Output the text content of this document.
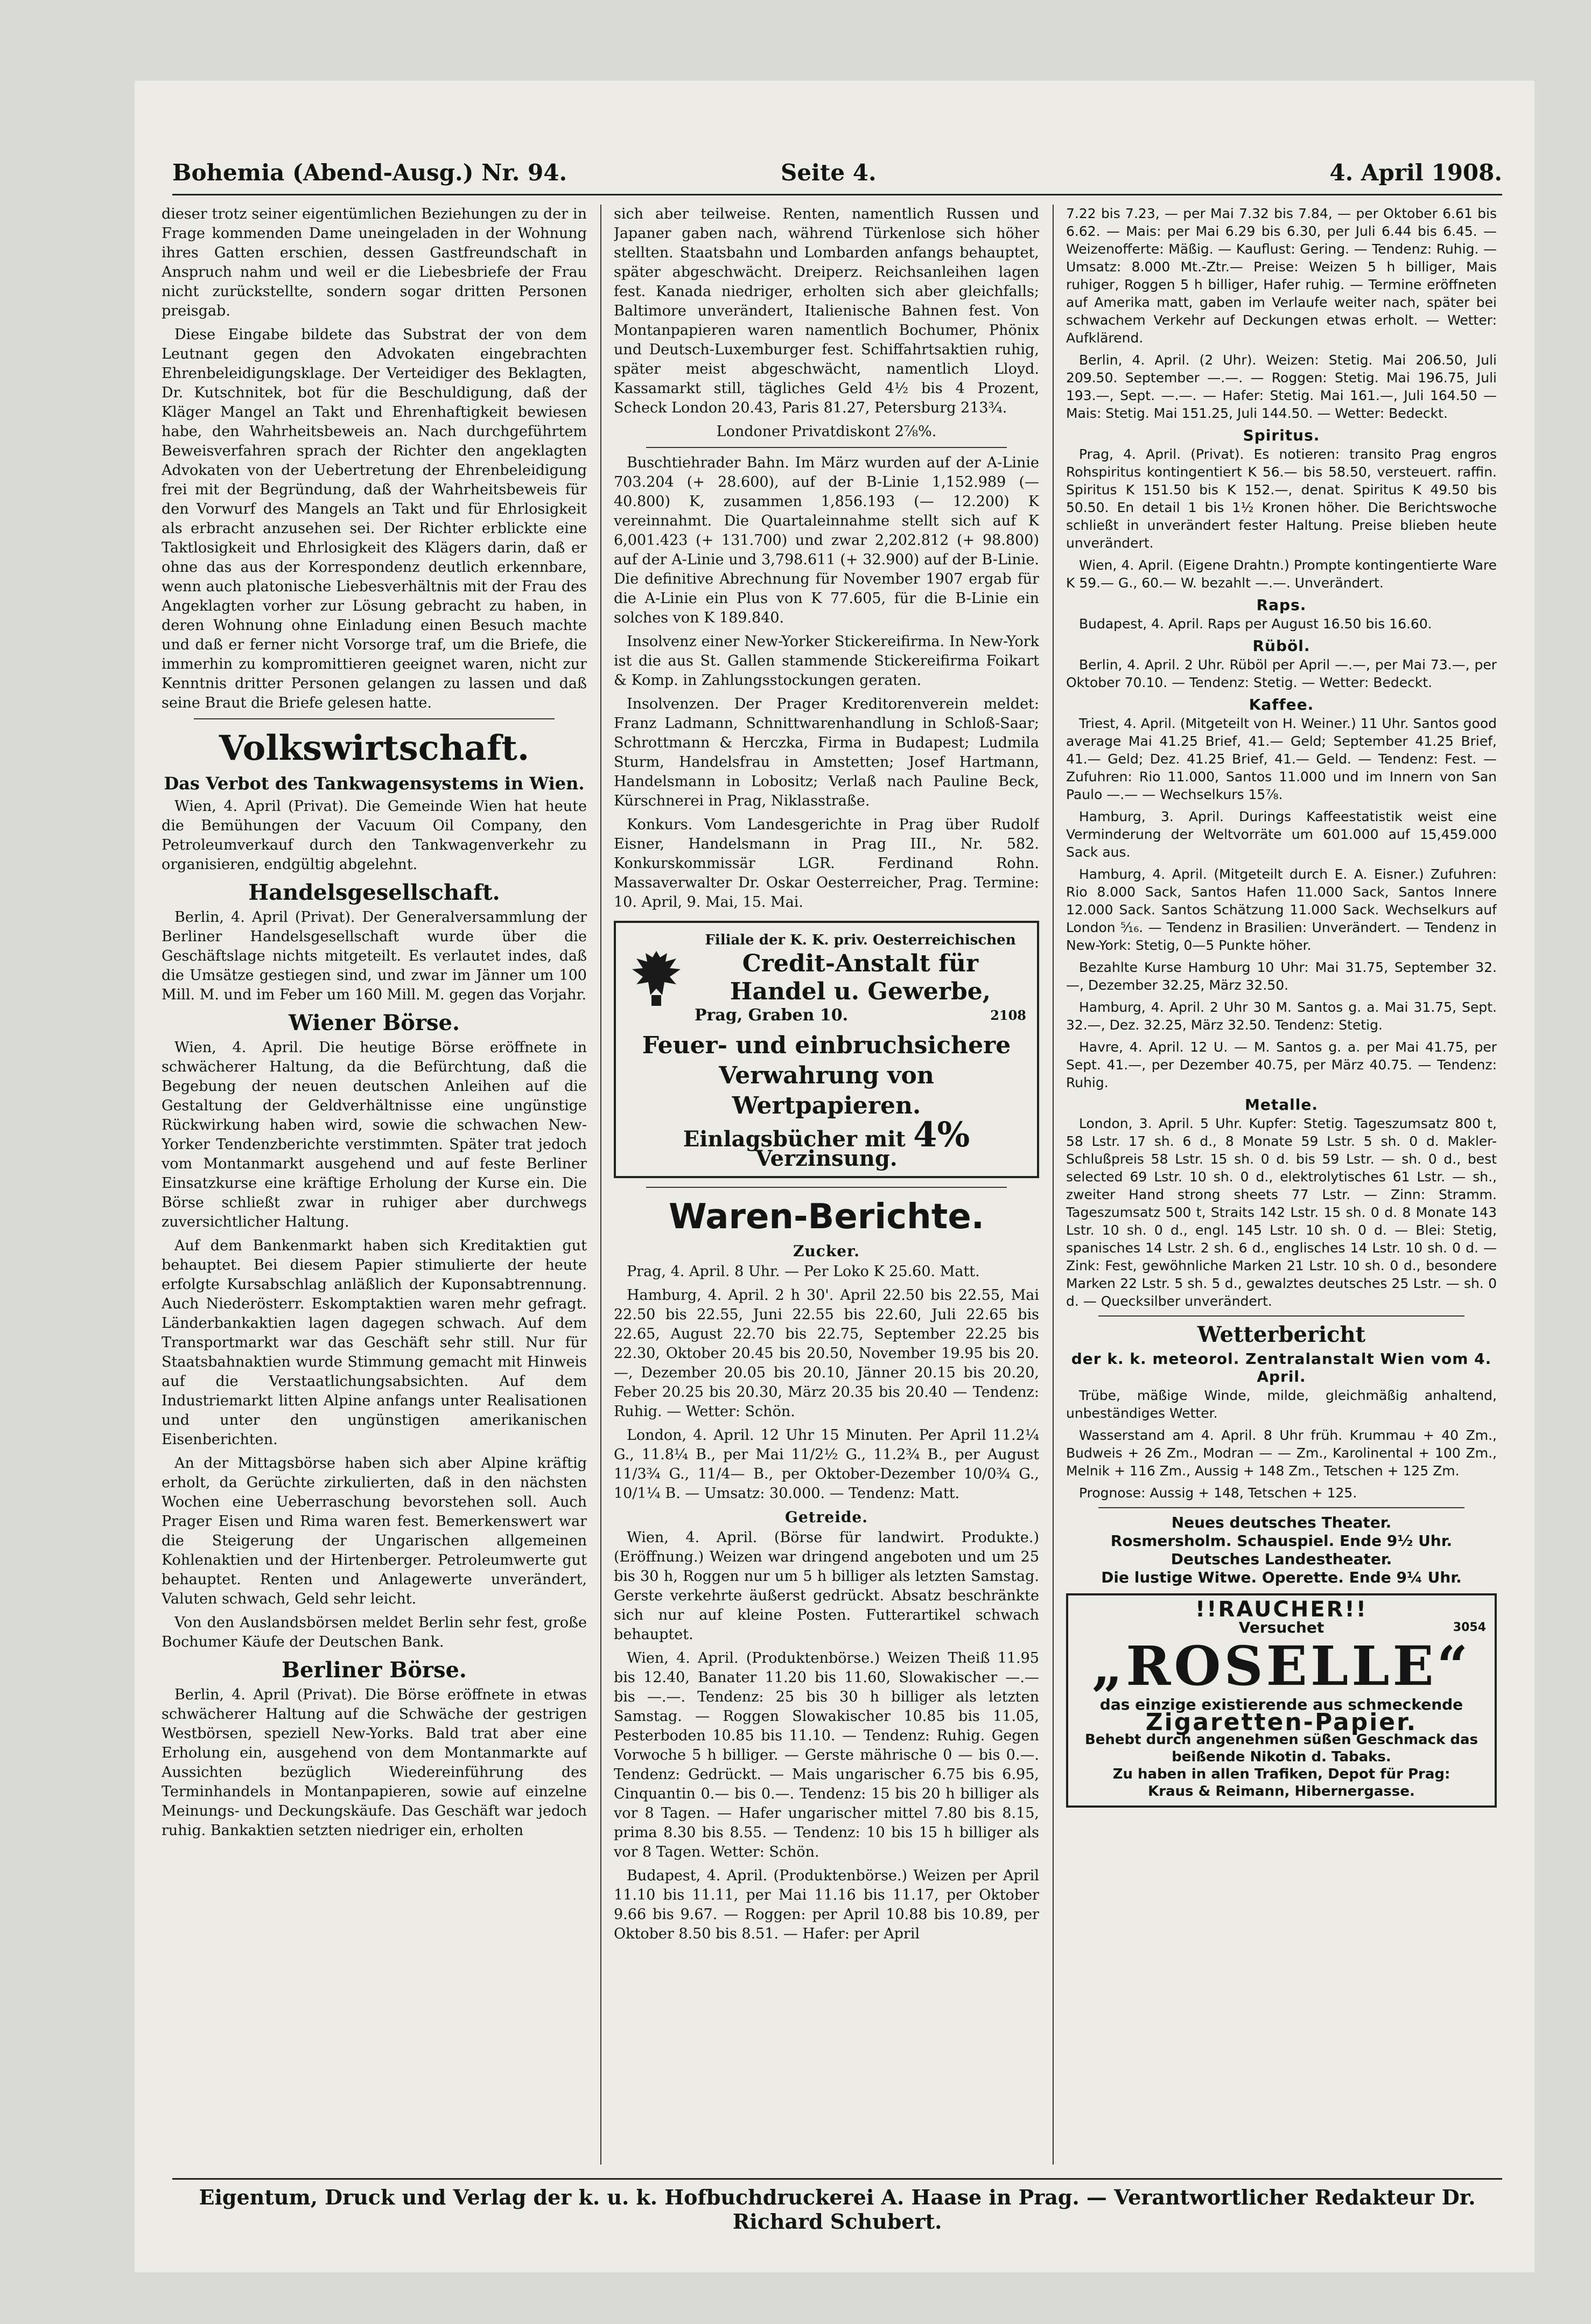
Bohemia (Abend-Ausg.) Nr. 94.	Seite 4.	4. April 1908.

dieser trotz seiner eigentümlichen Beziehungen zu der in Frage kommenden Dame uneingeladen in der Wohnung ihres Gatten erschien, dessen Gastfreundschaft in Anspruch nahm und weil er die Liebesbriefe der Frau nicht zurückstellte, sondern sogar dritten Personen preisgab.

Diese Eingabe bildete das Substrat der von dem Leutnant gegen den Advokaten eingebrachten Ehrenbeleidigungsklage. Der Verteidiger des Beklagten, Dr. Kutschnitek, bot für die Beschuldigung, daß der Kläger Mangel an Takt und Ehrenhaftigkeit bewiesen habe, den Wahrheitsbeweis an. Nach durchgeführtem Beweisverfahren sprach der Richter den angeklagten Advokaten von der Uebertretung der Ehrenbeleidigung frei mit der Begründung, daß der Wahrheitsbeweis für den Vorwurf des Mangels an Takt und für Ehrlosigkeit als erbracht anzusehen sei. Der Richter erblickte eine Taktlosigkeit und Ehrlosigkeit des Klägers darin, daß er ohne das aus der Korrespondenz deutlich erkennbare, wenn auch platonische Liebesverhältnis mit der Frau des Angeklagten vorher zur Lösung gebracht zu haben, in deren Wohnung ohne Einladung einen Besuch machte und daß er ferner nicht Vorsorge traf, um die Briefe, die immerhin zu kompromittieren geeignet waren, nicht zur Kenntnis dritter Personen gelangen zu lassen und daß seine Braut die Briefe gelesen hatte.

Volkswirtschaft.
Das Verbot des Tankwagensystems in Wien.

Wien, 4. April (Privat). Die Gemeinde Wien hat heute die Bemühungen der Vacuum Oil Company, den Petroleumverkauf durch den Tankwagenverkehr zu organisieren, endgültig abgelehnt.

Handelsgesellschaft.

Berlin, 4. April (Privat). Der Generalversammlung der Berliner Handelsgesellschaft wurde über die Geschäftslage nichts mitgeteilt. Es verlautet indes, daß die Umsätze gestiegen sind, und zwar im Jänner um 100 Mill. M. und im Feber um 160 Mill. M. gegen das Vorjahr.

Wiener Börse.

Wien, 4. April. Die heutige Börse eröffnete in schwächerer Haltung, da die Befürchtung, daß die Begebung der neuen deutschen Anleihen auf die Gestaltung der Geldverhältnisse eine ungünstige Rückwirkung haben wird, sowie die schwachen New-Yorker Tendenzberichte verstimmten. Später trat jedoch vom Montanmarkt ausgehend und auf feste Berliner Einsatzkurse eine kräftige Erholung der Kurse ein. Die Börse schließt zwar in ruhiger aber durchwegs zuversichtlicher Haltung.

Auf dem Bankenmarkt haben sich Kreditaktien gut behauptet. Bei diesem Papier stimulierte der heute erfolgte Kursabschlag anläßlich der Kuponsabtrennung. Auch Niederösterr. Eskomptaktien waren mehr gefragt. Länderbankaktien lagen dagegen schwach. Auf dem Transportmarkt war das Geschäft sehr still. Nur für Staatsbahnaktien wurde Stimmung gemacht mit Hinweis auf die Verstaatlichungsabsichten. Auf dem Industriemarkt litten Alpine anfangs unter Realisationen und unter den ungünstigen amerikanischen Eisenberichten.

An der Mittagsbörse haben sich aber Alpine kräftig erholt, da Gerüchte zirkulierten, daß in den nächsten Wochen eine Ueberraschung bevorstehen soll. Auch Prager Eisen und Rima waren fest. Bemerkenswert war die Steigerung der Ungarischen allgemeinen Kohlenaktien und der Hirtenberger. Petroleumwerte gut behauptet. Renten und Anlagewerte unverändert, Valuten schwach, Geld sehr leicht.

Von den Auslandsbörsen meldet Berlin sehr fest, große Bochumer Käufe der Deutschen Bank.

Berliner Börse.

Berlin, 4. April (Privat). Die Börse eröffnete in etwas schwächerer Haltung auf die Schwäche der gestrigen Westbörsen, speziell New-Yorks. Bald trat aber eine Erholung ein, ausgehend von dem Montanmarkte auf Aussichten bezüglich Wiedereinführung des Terminhandels in Montanpapieren, sowie auf einzelne Meinungs- und Deckungskäufe. Das Geschäft war jedoch ruhig. Bankaktien setzten niedriger ein, erholten

sich aber teilweise. Renten, namentlich Russen und Japaner gaben nach, während Türkenlose sich höher stellten. Staatsbahn und Lombarden anfangs behauptet, später abgeschwächt. Dreiperz. Reichsanleihen lagen fest. Kanada niedriger, erholten sich aber gleichfalls; Baltimore unverändert, Italienische Bahnen fest. Von Montanpapieren waren namentlich Bochumer, Phönix und Deutsch-Luxemburger fest. Schiffahrtsaktien ruhig, später meist abgeschwächt, namentlich Lloyd. Kassamarkt still, tägliches Geld 4½ bis 4 Prozent, Scheck London 20.43, Paris 81.27, Petersburg 213¾.

Londoner Privatdiskont 2⅞%.

Buschtiehrader Bahn. Im März wurden auf der A-Linie 703.204 (+ 28.600), auf der B-Linie 1,152.989 (— 40.800) K, zusammen 1,856.193 (— 12.200) K vereinnahmt. Die Quartaleinnahme stellt sich auf K 6,001.423 (+ 131.700) und zwar 2,202.812 (+ 98.800) auf der A-Linie und 3,798.611 (+ 32.900) auf der B-Linie. Die definitive Abrechnung für November 1907 ergab für die A-Linie ein Plus von K 77.605, für die B-Linie ein solches von K 189.840.

Insolvenz einer New-Yorker Stickereifirma. In New-York ist die aus St. Gallen stammende Stickereifirma Foikart & Komp. in Zahlungsstockungen geraten.

Insolvenzen. Der Prager Kreditorenverein meldet: Franz Ladmann, Schnittwarenhandlung in Schloß-Saar; Schrottmann & Herczka, Firma in Budapest; Ludmila Sturm, Handelsfrau in Amstetten; Josef Hartmann, Handelsmann in Lobositz; Verlaß nach Pauline Beck, Kürschnerei in Prag, Niklasstraße.

Konkurs. Vom Landesgerichte in Prag über Rudolf Eisner, Handelsmann in Prag III., Nr. 582. Konkurskommissär LGR. Ferdinand Rohn. Massaverwalter Dr. Oskar Oesterreicher, Prag. Termine: 10. April, 9. Mai, 15. Mai.

Filiale der K. K. priv. Oesterreichischen
Credit-Anstalt für Handel u. Gewerbe,
Prag, Graben 10.	2108
Feuer- und einbruchsichere Verwahrung von Wertpapieren.
Einlagsbücher mit 4% Verzinsung.
Waren-Berichte.
Zucker.

Prag, 4. April. 8 Uhr. — Per Loko K 25.60. Matt.

Hamburg, 4. April. 2 h 30'. April 22.50 bis 22.55, Mai 22.50 bis 22.55, Juni 22.55 bis 22.60, Juli 22.65 bis 22.65, August 22.70 bis 22.75, September 22.25 bis 22.30, Oktober 20.45 bis 20.50, November 19.95 bis 20.—, Dezember 20.05 bis 20.10, Jänner 20.15 bis 20.20, Feber 20.25 bis 20.30, März 20.35 bis 20.40 — Tendenz: Ruhig. — Wetter: Schön.

London, 4. April. 12 Uhr 15 Minuten. Per April 11.2¼ G., 11.8¼ B., per Mai 11/2½ G., 11.2¾ B., per August 11/3¾ G., 11/4— B., per Oktober-Dezember 10/0¾ G., 10/1¼ B. — Umsatz: 30.000. — Tendenz: Matt.

Getreide.

Wien, 4. April. (Börse für landwirt. Produkte.) (Eröffnung.) Weizen war dringend angeboten und um 25 bis 30 h, Roggen nur um 5 h billiger als letzten Samstag. Gerste verkehrte äußerst gedrückt. Absatz beschränkte sich nur auf kleine Posten. Futterartikel schwach behauptet.

Wien, 4. April. (Produktenbörse.) Weizen Theiß 11.95 bis 12.40, Banater 11.20 bis 11.60, Slowakischer —.— bis —.—. Tendenz: 25 bis 30 h billiger als letzten Samstag. — Roggen Slowakischer 10.85 bis 11.05, Pesterboden 10.85 bis 11.10. — Tendenz: Ruhig. Gegen Vorwoche 5 h billiger. — Gerste mährische 0 — bis 0.—. Tendenz: Gedrückt. — Mais ungarischer 6.75 bis 6.95, Cinquantin 0.— bis 0.—. Tendenz: 15 bis 20 h billiger als vor 8 Tagen. — Hafer ungarischer mittel 7.80 bis 8.15, prima 8.30 bis 8.55. — Tendenz: 10 bis 15 h billiger als vor 8 Tagen. Wetter: Schön.

Budapest, 4. April. (Produktenbörse.) Weizen per April 11.10 bis 11.11, per Mai 11.16 bis 11.17, per Oktober 9.66 bis 9.67. — Roggen: per April 10.88 bis 10.89, per Oktober 8.50 bis 8.51. — Hafer: per April

7.22 bis 7.23, — per Mai 7.32 bis 7.84, — per Oktober 6.61 bis 6.62. — Mais: per Mai 6.29 bis 6.30, per Juli 6.44 bis 6.45. — Weizenofferte: Mäßig. — Kauflust: Gering. — Tendenz: Ruhig. — Umsatz: 8.000 Mt.-Ztr.— Preise: Weizen 5 h billiger, Mais ruhiger, Roggen 5 h billiger, Hafer ruhig. — Termine eröffneten auf Amerika matt, gaben im Verlaufe weiter nach, später bei schwachem Verkehr auf Deckungen etwas erholt. — Wetter: Aufklärend.

Berlin, 4. April. (2 Uhr). Weizen: Stetig. Mai 206.50, Juli 209.50. September —.—. — Roggen: Stetig. Mai 196.75, Juli 193.—, Sept. —.—. — Hafer: Stetig. Mai 161.—, Juli 164.50 — Mais: Stetig. Mai 151.25, Juli 144.50. — Wetter: Bedeckt.

Spiritus.

Prag, 4. April. (Privat). Es notieren: transito Prag engros Rohspiritus kontingentiert K 56.— bis 58.50, versteuert. raffin. Spiritus K 151.50 bis K 152.—, denat. Spiritus K 49.50 bis 50.50. En detail 1 bis 1½ Kronen höher. Die Berichtswoche schließt in unverändert fester Haltung. Preise blieben heute unverändert.

Wien, 4. April. (Eigene Drahtn.) Prompte kontingentierte Ware K 59.— G., 60.— W. bezahlt —.—. Unverändert.

Raps.

Budapest, 4. April. Raps per August 16.50 bis 16.60.

Rüböl.

Berlin, 4. April. 2 Uhr. Rüböl per April —.—, per Mai 73.—, per Oktober 70.10. — Tendenz: Stetig. — Wetter: Bedeckt.

Kaffee.

Triest, 4. April. (Mitgeteilt von H. Weiner.) 11 Uhr. Santos good average Mai 41.25 Brief, 41.— Geld; September 41.25 Brief, 41.— Geld; Dez. 41.25 Brief, 41.— Geld. — Tendenz: Fest. — Zufuhren: Rio 11.000, Santos 11.000 und im Innern von San Paulo —.— — Wechselkurs 15⅞.

Hamburg, 3. April. Durings Kaffeestatistik weist eine Verminderung der Weltvorräte um 601.000 auf 15,459.000 Sack aus.

Hamburg, 4. April. (Mitgeteilt durch E. A. Eisner.) Zufuhren: Rio 8.000 Sack, Santos Hafen 11.000 Sack, Santos Innere 12.000 Sack. Santos Schätzung 11.000 Sack. Wechselkurs auf London ⁵⁄₁₆. — Tendenz in Brasilien: Unverändert. — Tendenz in New-York: Stetig, 0—5 Punkte höher.

Bezahlte Kurse Hamburg 10 Uhr: Mai 31.75, September 32.—, Dezember 32.25, März 32.50.

Hamburg, 4. April. 2 Uhr 30 M. Santos g. a. Mai 31.75, Sept. 32.—, Dez. 32.25, März 32.50. Tendenz: Stetig.

Havre, 4. April. 12 U. — M. Santos g. a. per Mai 41.75, per Sept. 41.—, per Dezember 40.75, per März 40.75. — Tendenz: Ruhig.

Metalle.

London, 3. April. 5 Uhr. Kupfer: Stetig. Tageszumsatz 800 t, 58 Lstr. 17 sh. 6 d., 8 Monate 59 Lstr. 5 sh. 0 d. Makler-Schlußpreis 58 Lstr. 15 sh. 0 d. bis 59 Lstr. — sh. 0 d., best selected 69 Lstr. 10 sh. 0 d., elektrolytisches 61 Lstr. — sh., zweiter Hand strong sheets 77 Lstr. — Zinn: Stramm. Tageszumsatz 500 t, Straits 142 Lstr. 15 sh. 0 d. 8 Monate 143 Lstr. 10 sh. 0 d., engl. 145 Lstr. 10 sh. 0 d. — Blei: Stetig, spanisches 14 Lstr. 2 sh. 6 d., englisches 14 Lstr. 10 sh. 0 d. — Zink: Fest, gewöhnliche Marken 21 Lstr. 10 sh. 0 d., besondere Marken 22 Lstr. 5 sh. 5 d., gewalztes deutsches 25 Lstr. — sh. 0 d. — Quecksilber unverändert.

Wetterbericht
der k. k. meteorol. Zentralanstalt Wien vom 4. April.

Trübe, mäßige Winde, milde, gleichmäßig anhaltend, unbeständiges Wetter.

Wasserstand am 4. April. 8 Uhr früh. Krummau + 40 Zm., Budweis + 26 Zm., Modran — — Zm., Karolinental + 100 Zm., Melnik + 116 Zm., Aussig + 148 Zm., Tetschen + 125 Zm.

Prognose: Aussig + 148, Tetschen + 125.

Neues deutsches Theater.
Rosmersholm. Schauspiel. Ende 9½ Uhr.
Deutsches Landestheater.
Die lustige Witwe. Operette. Ende 9¼ Uhr.
!!RAUCHER!!
Versuchet	3054
„ROSELLE“
das einzige existierende aus schmeckende
Zigaretten-Papier.
Behebt durch angenehmen süßen Geschmack das beißende Nikotin d. Tabaks.
Zu haben in allen Trafiken, Depot für Prag:
Kraus & Reimann, Hibernergasse.
Eigentum, Druck und Verlag der k. u. k. Hofbuchdruckerei A. Haase in Prag. — Verantwortlicher Redakteur Dr. Richard Schubert.
